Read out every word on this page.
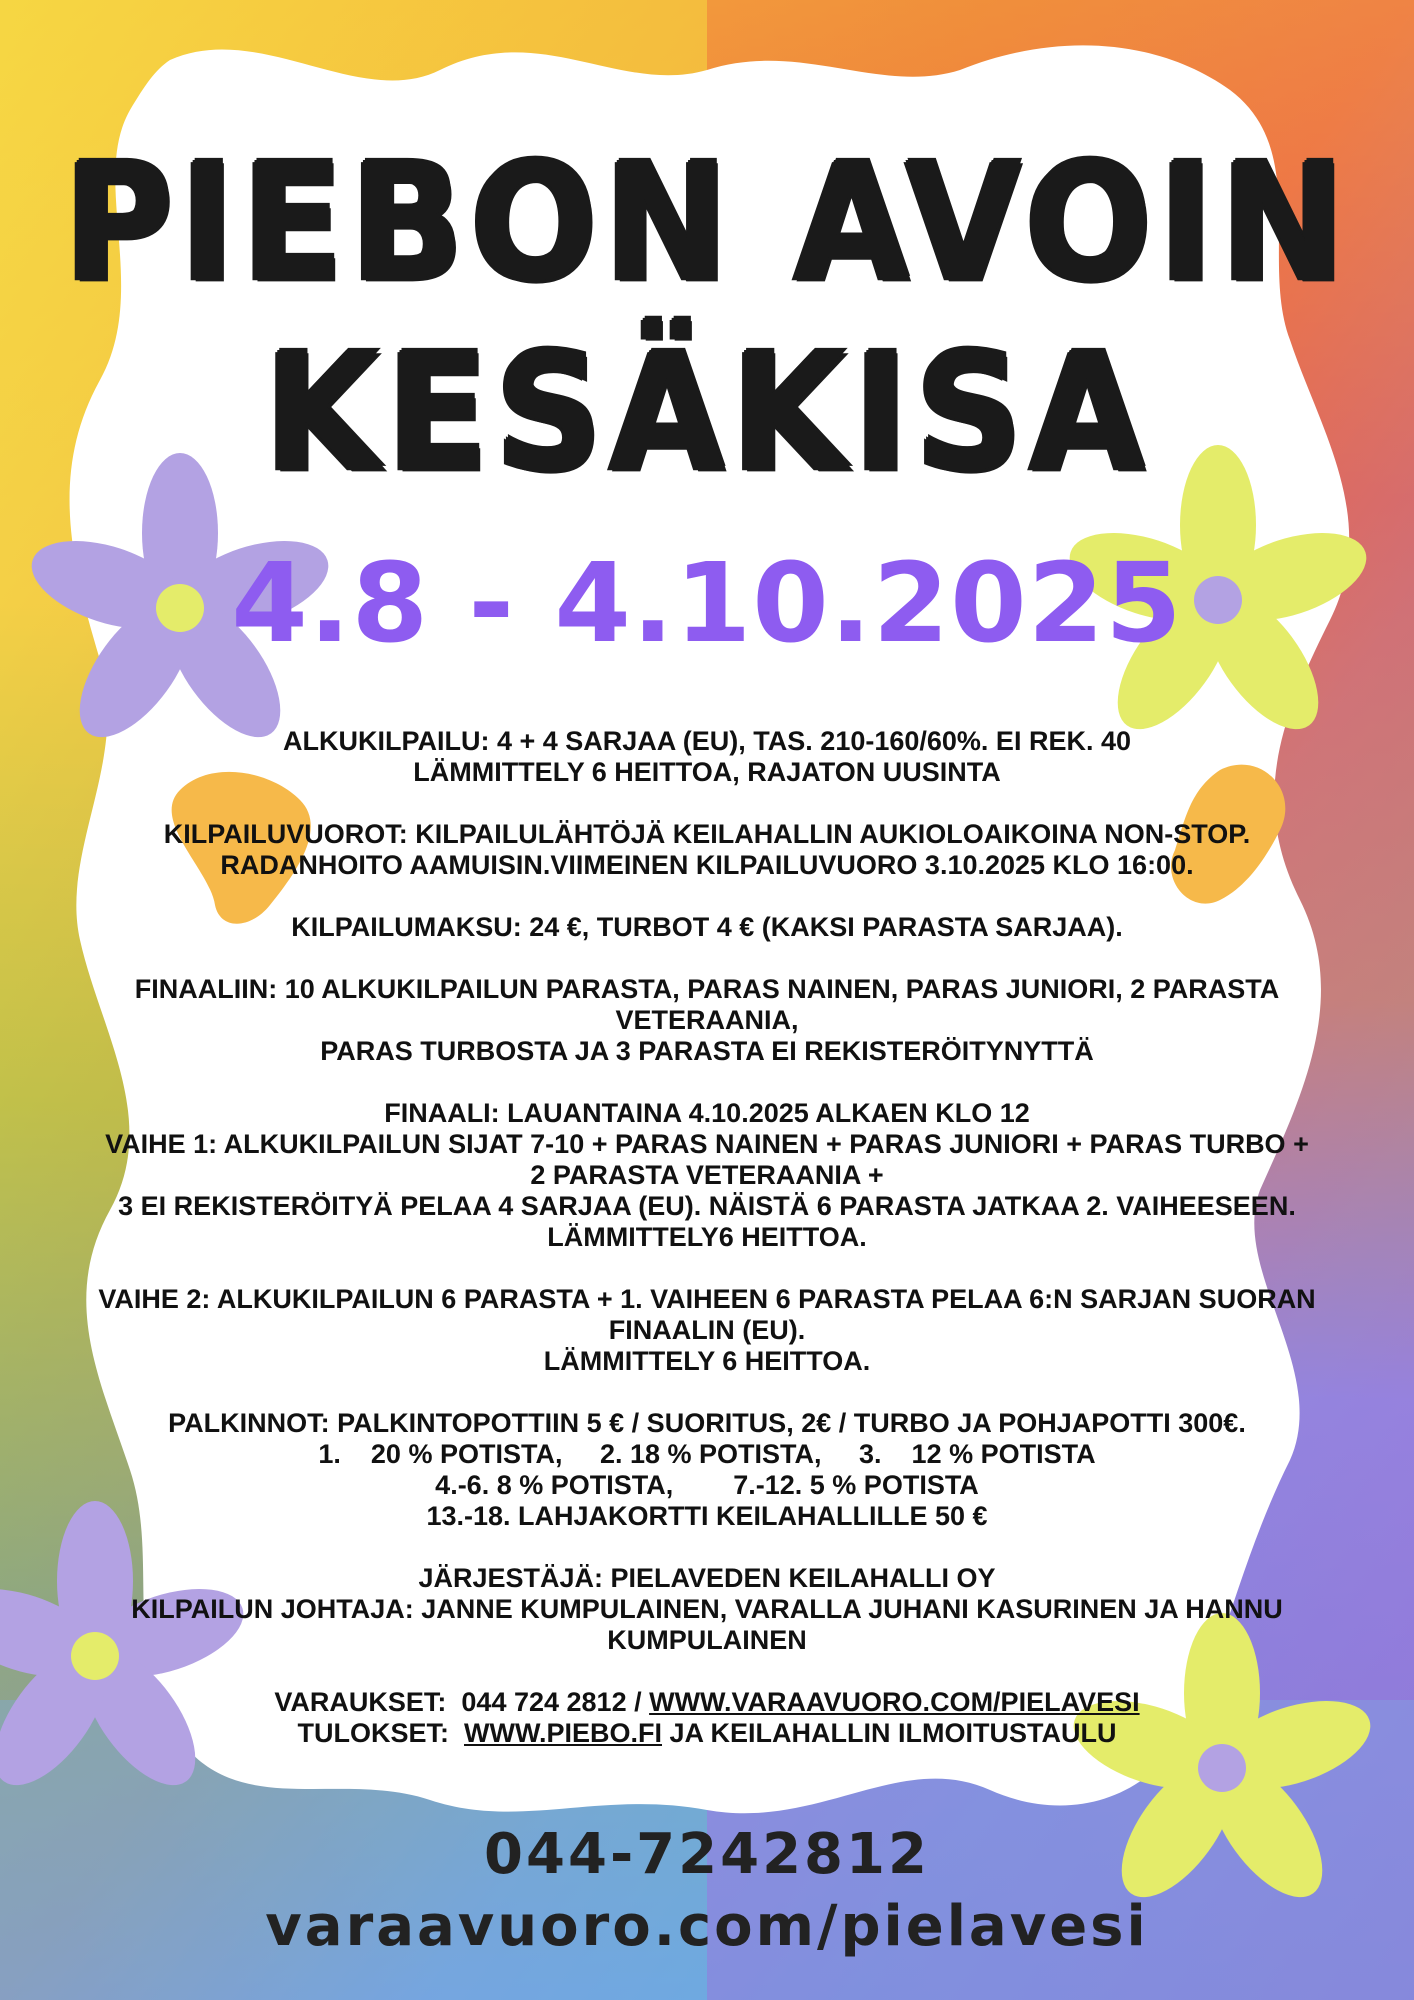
PIEBON AVOIN
KESÄKISA
4.8 - 4.10.2025
ALKUKILPAILU: 4 + 4 SARJAA (EU), TAS. 210-160/60%. EI REK. 40
LÄMMITTELY 6 HEITTOA, RAJATON UUSINTA
KILPAILUVUOROT: KILPAILULÄHTÖJÄ KEILAHALLIN AUKIOLOAIKOINA NON-STOP.
RADANHOITO AAMUISIN.VIIMEINEN KILPAILUVUORO 3.10.2025 KLO 16:00.
KILPAILUMAKSU: 24 €, TURBOT 4 € (KAKSI PARASTA SARJAA).
FINAALIIN: 10 ALKUKILPAILUN PARASTA, PARAS NAINEN, PARAS JUNIORI, 2 PARASTA
VETERAANIA,
PARAS TURBOSTA JA 3 PARASTA EI REKISTERÖITYNYTTÄ
FINAALI: LAUANTAINA 4.10.2025 ALKAEN KLO 12
VAIHE 1: ALKUKILPAILUN SIJAT 7-10 + PARAS NAINEN + PARAS JUNIORI + PARAS TURBO +
2 PARASTA VETERAANIA +
3 EI REKISTERÖITYÄ PELAA 4 SARJAA (EU). NÄISTÄ 6 PARASTA JATKAA 2. VAIHEESEEN.
LÄMMITTELY6 HEITTOA.
VAIHE 2: ALKUKILPAILUN 6 PARASTA + 1. VAIHEEN 6 PARASTA PELAA 6:N SARJAN SUORAN
FINAALIN (EU).
LÄMMITTELY 6 HEITTOA.
PALKINNOT: PALKINTOPOTTIIN 5 € / SUORITUS, 2€ / TURBO JA POHJAPOTTI 300€.
1.    20 % POTISTA,     2. 18 % POTISTA,     3.    12 % POTISTA
4.-6. 8 % POTISTA,        7.-12. 5 % POTISTA
13.-18. LAHJAKORTTI KEILAHALLILLE 50 €
JÄRJESTÄJÄ: PIELAVEDEN KEILAHALLI OY
KILPAILUN JOHTAJA: JANNE KUMPULAINEN, VARALLA JUHANI KASURINEN JA HANNU
KUMPULAINEN
VARAUKSET:  044 724 2812 / WWW.VARAAVUORO.COM/PIELAVESI
TULOKSET:  WWW.PIEBO.FI JA KEILAHALLIN ILMOITUSTAULU
044-7242812
varaavuoro.com/pielavesi
